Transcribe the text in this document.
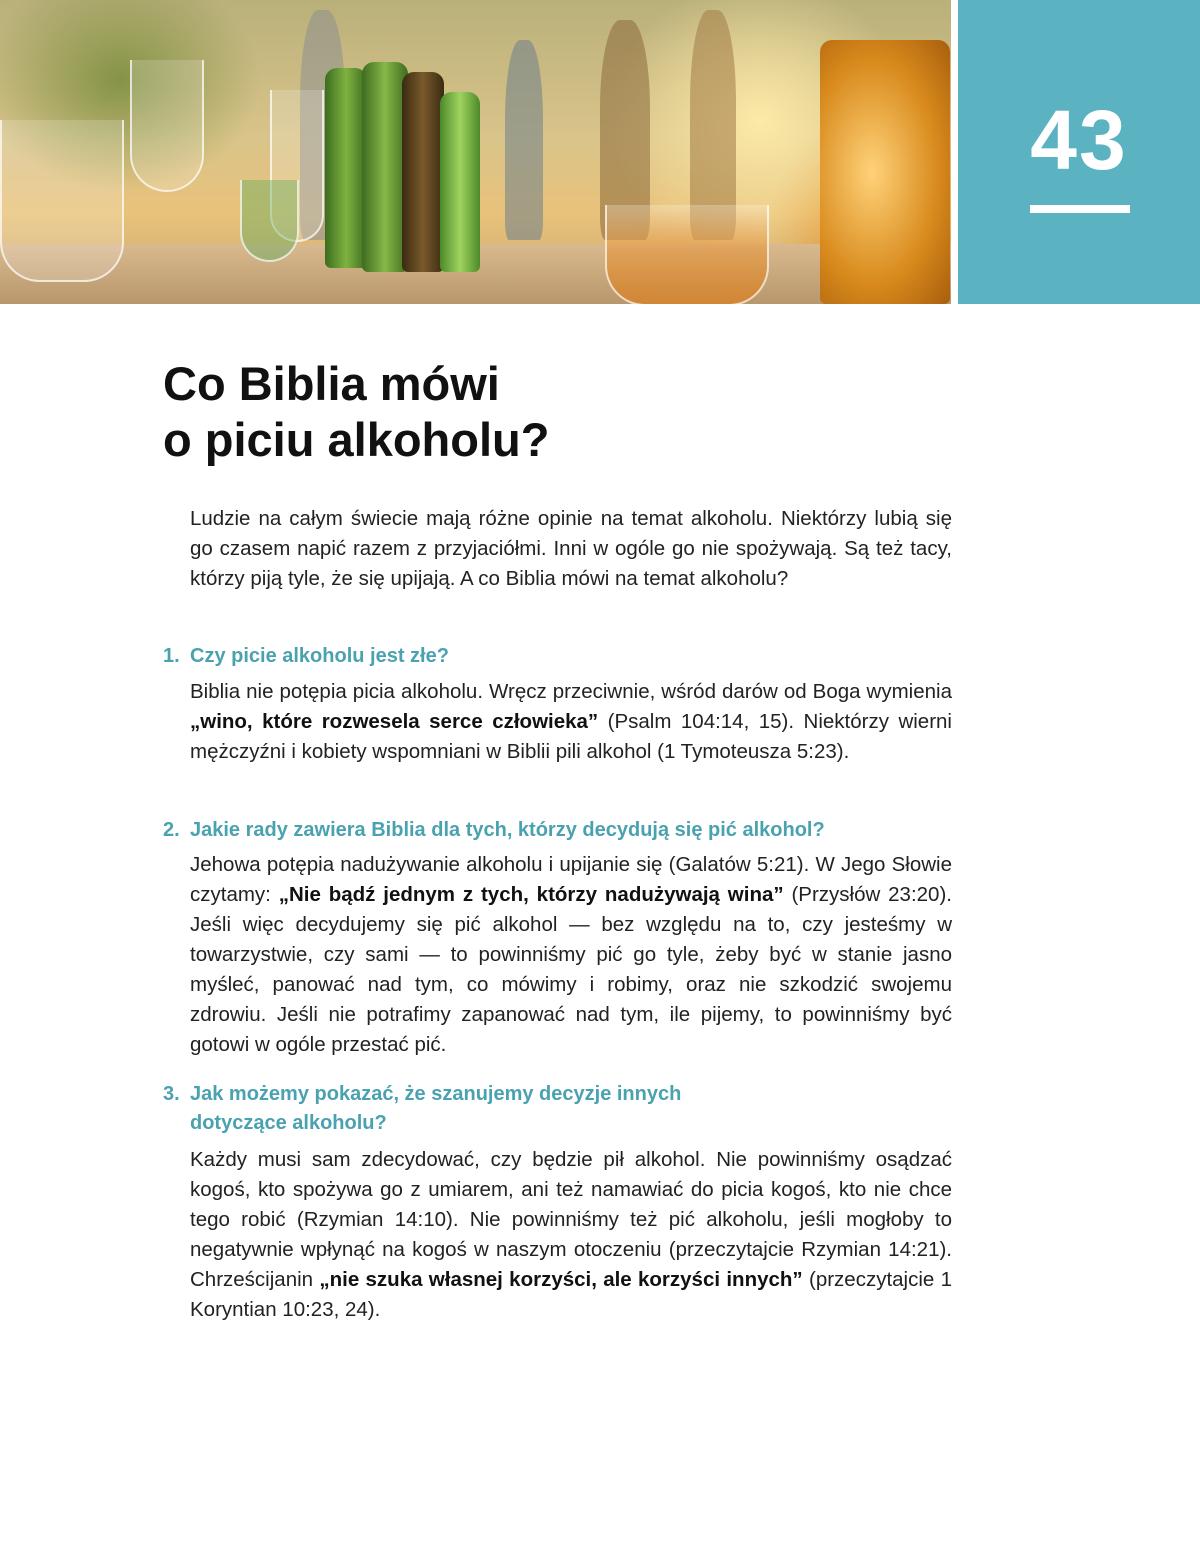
43
Co Biblia mówi
o piciu alkoholu?

Ludzie na całym świecie mają różne opinie na temat alkoholu. Niektórzy lubią się go czasem napić razem z przyjaciółmi. Inni w ogóle go nie spożywają. Są też tacy, którzy piją tyle, że się upijają. A co Biblia mówi na temat alkoholu?

1. Czy picie alkoholu jest złe?

Biblia nie potępia picia alkoholu. Wręcz przeciwnie, wśród darów od Boga wymienia „wino, które rozwesela serce człowieka” (Psalm 104:14, 15). Niektórzy wierni mężczyźni i kobiety wspomniani w Biblii pili alkohol (1 Tymoteusza 5:23).

2. Jakie rady zawiera Biblia dla tych, którzy decydują się pić alkohol?

Jehowa potępia nadużywanie alkoholu i upijanie się (Galatów 5:21). W Jego Słowie czytamy: „Nie bądź jednym z tych, którzy nadużywają wina” (Przysłów 23:20). Jeśli więc decydujemy się pić alkohol — bez względu na to, czy jesteśmy w towarzystwie, czy sami — to powinniśmy pić go tyle, żeby być w stanie jasno myśleć, panować nad tym, co mówimy i robimy, oraz nie szkodzić swojemu zdrowiu. Jeśli nie potrafimy zapanować nad tym, ile pijemy, to powinniśmy być gotowi w ogóle przestać pić.

3. Jak możemy pokazać, że szanujemy decyzje innych
dotyczące alkoholu?

Każdy musi sam zdecydować, czy będzie pił alkohol. Nie powinniśmy osądzać kogoś, kto spożywa go z umiarem, ani też namawiać do picia kogoś, kto nie chce tego robić (Rzymian 14:10). Nie powinniśmy też pić alkoholu, jeśli mogłoby to negatywnie wpłynąć na kogoś w naszym otoczeniu (przeczytajcie Rzymian 14:21). Chrześcijanin „nie szuka własnej korzyści, ale korzyści innych” (przeczytajcie 1 Koryntian 10:23, 24).
